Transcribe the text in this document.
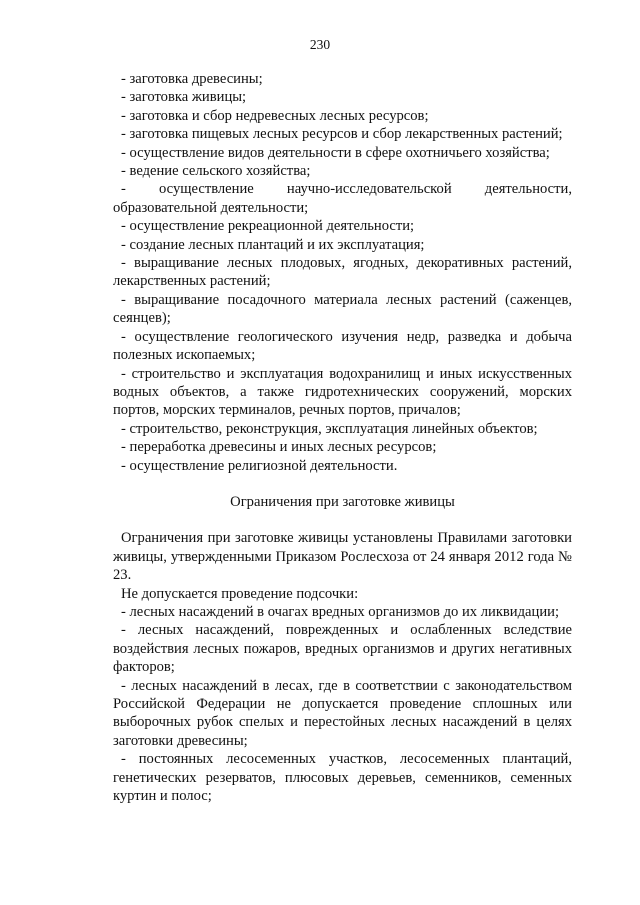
230

- заготовка древесины;

- заготовка живицы;

- заготовка и сбор недревесных лесных ресурсов;

- заготовка пищевых лесных ресурсов и сбор лекарственных растений;

- осуществление видов деятельности в сфере охотничьего хозяйства;

- ведение сельского хозяйства;

- осуществление научно-исследовательской деятельности, образовательной деятельности;

- осуществление рекреационной деятельности;

- создание лесных плантаций и их эксплуатация;

- выращивание лесных плодовых, ягодных, декоративных растений, лекарственных растений;

- выращивание посадочного материала лесных растений (саженцев, сеянцев);

- осуществление геологического изучения недр, разведка и добыча полезных ископаемых;

- строительство и эксплуатация водохранилищ и иных искусственных водных объектов, а также гидротехнических сооружений, морских портов, морских терминалов, речных портов, причалов;

- строительство, реконструкция, эксплуатация линейных объектов;

- переработка древесины и иных лесных ресурсов;

- осуществление религиозной деятельности.

Ограничения при заготовке живицы

Ограничения при заготовке живицы установлены Правилами заготовки живицы, утвержденными Приказом Рослесхоза от 24 января 2012 года № 23.

Не допускается проведение подсочки:

- лесных насаждений в очагах вредных организмов до их ликвидации;

- лесных насаждений, поврежденных и ослабленных вследствие воздействия лесных пожаров, вредных организмов и других негативных факторов;

- лесных насаждений в лесах, где в соответствии с законодательством Российской Федерации не допускается проведение сплошных или выборочных рубок спелых и перестойных лесных насаждений в целях заготовки древесины;

- постоянных лесосеменных участков, лесосеменных плантаций, генетических резерватов, плюсовых деревьев, семенников, семенных куртин и полос;
